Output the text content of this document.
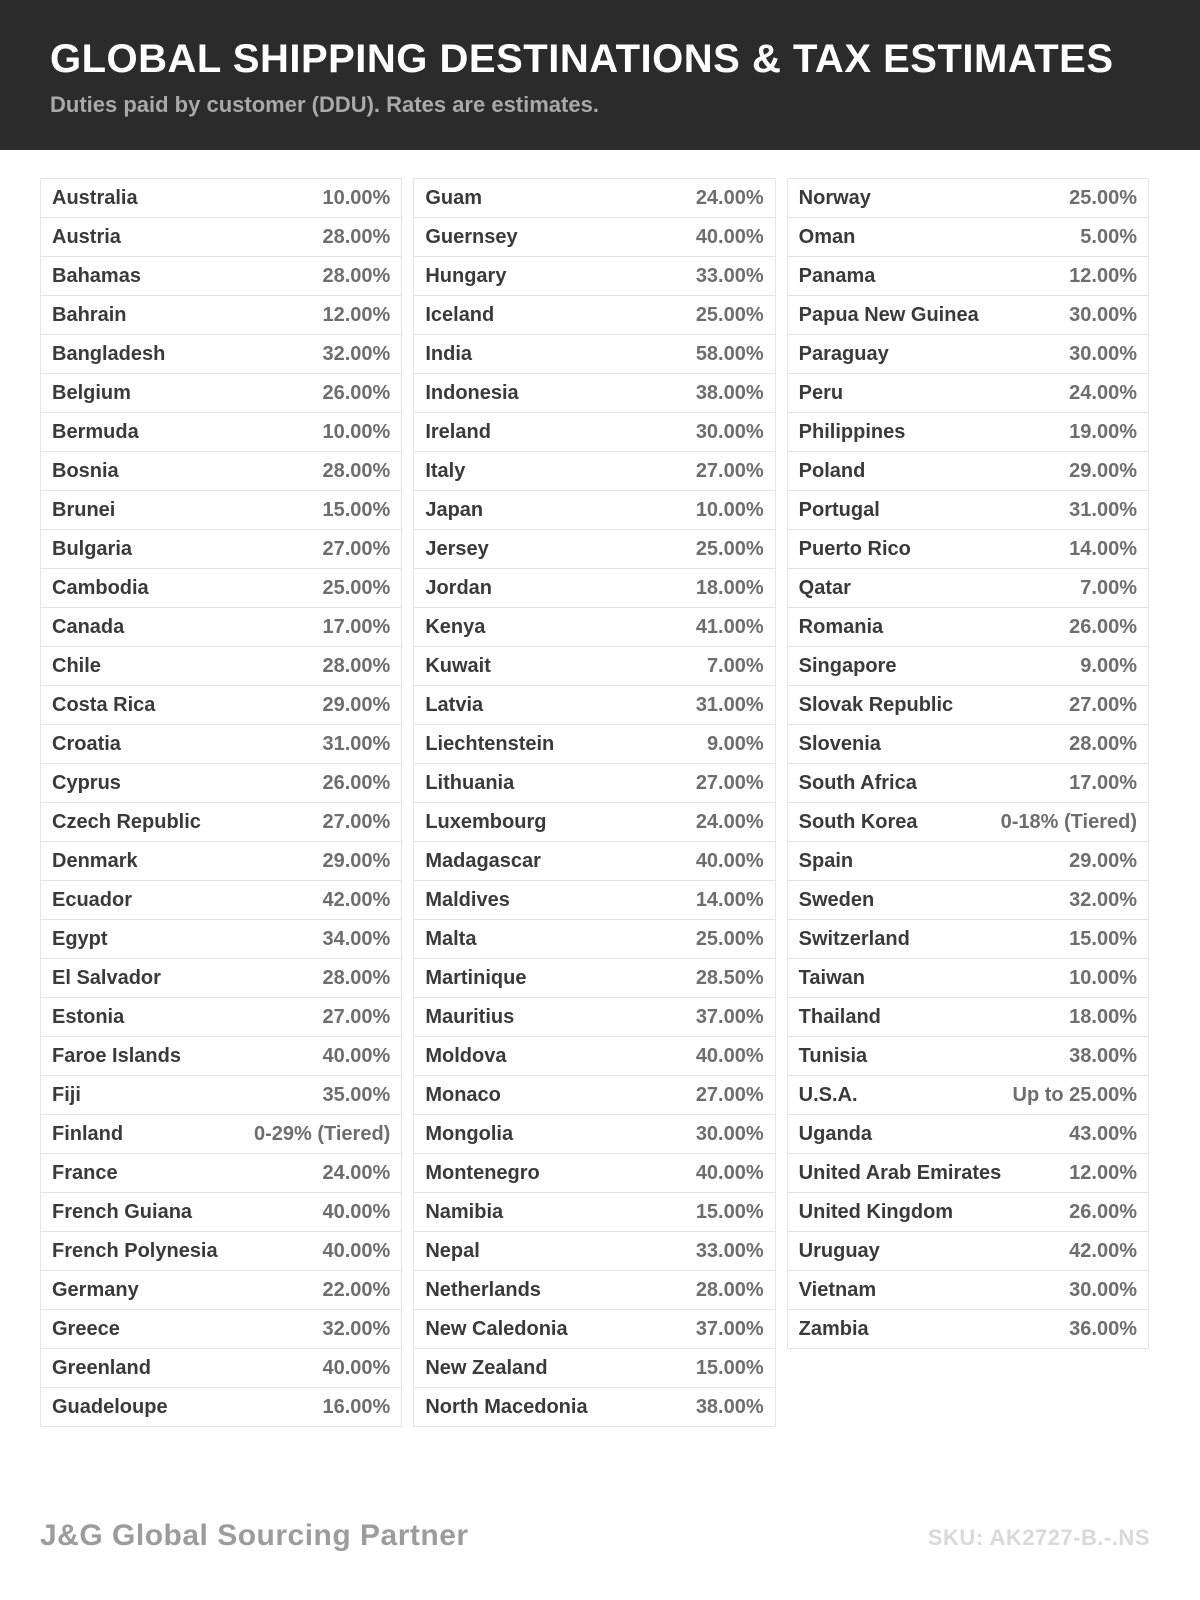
GLOBAL SHIPPING DESTINATIONS & TAX ESTIMATES
Duties paid by customer (DDU). Rates are estimates.
Australia	10.00%
Austria	28.00%
Bahamas	28.00%
Bahrain	12.00%
Bangladesh	32.00%
Belgium	26.00%
Bermuda	10.00%
Bosnia	28.00%
Brunei	15.00%
Bulgaria	27.00%
Cambodia	25.00%
Canada	17.00%
Chile	28.00%
Costa Rica	29.00%
Croatia	31.00%
Cyprus	26.00%
Czech Republic	27.00%
Denmark	29.00%
Ecuador	42.00%
Egypt	34.00%
El Salvador	28.00%
Estonia	27.00%
Faroe Islands	40.00%
Fiji	35.00%
Finland	0-29% (Tiered)
France	24.00%
French Guiana	40.00%
French Polynesia	40.00%
Germany	22.00%
Greece	32.00%
Greenland	40.00%
Guadeloupe	16.00%
Guam	24.00%
Guernsey	40.00%
Hungary	33.00%
Iceland	25.00%
India	58.00%
Indonesia	38.00%
Ireland	30.00%
Italy	27.00%
Japan	10.00%
Jersey	25.00%
Jordan	18.00%
Kenya	41.00%
Kuwait	7.00%
Latvia	31.00%
Liechtenstein	9.00%
Lithuania	27.00%
Luxembourg	24.00%
Madagascar	40.00%
Maldives	14.00%
Malta	25.00%
Martinique	28.50%
Mauritius	37.00%
Moldova	40.00%
Monaco	27.00%
Mongolia	30.00%
Montenegro	40.00%
Namibia	15.00%
Nepal	33.00%
Netherlands	28.00%
New Caledonia	37.00%
New Zealand	15.00%
North Macedonia	38.00%
Norway	25.00%
Oman	5.00%
Panama	12.00%
Papua New Guinea	30.00%
Paraguay	30.00%
Peru	24.00%
Philippines	19.00%
Poland	29.00%
Portugal	31.00%
Puerto Rico	14.00%
Qatar	7.00%
Romania	26.00%
Singapore	9.00%
Slovak Republic	27.00%
Slovenia	28.00%
South Africa	17.00%
South Korea	0-18% (Tiered)
Spain	29.00%
Sweden	32.00%
Switzerland	15.00%
Taiwan	10.00%
Thailand	18.00%
Tunisia	38.00%
U.S.A.	Up to 25.00%
Uganda	43.00%
United Arab Emirates	12.00%
United Kingdom	26.00%
Uruguay	42.00%
Vietnam	30.00%
Zambia	36.00%
J&G Global Sourcing Partner	SKU: AK2727-B.-.NS
